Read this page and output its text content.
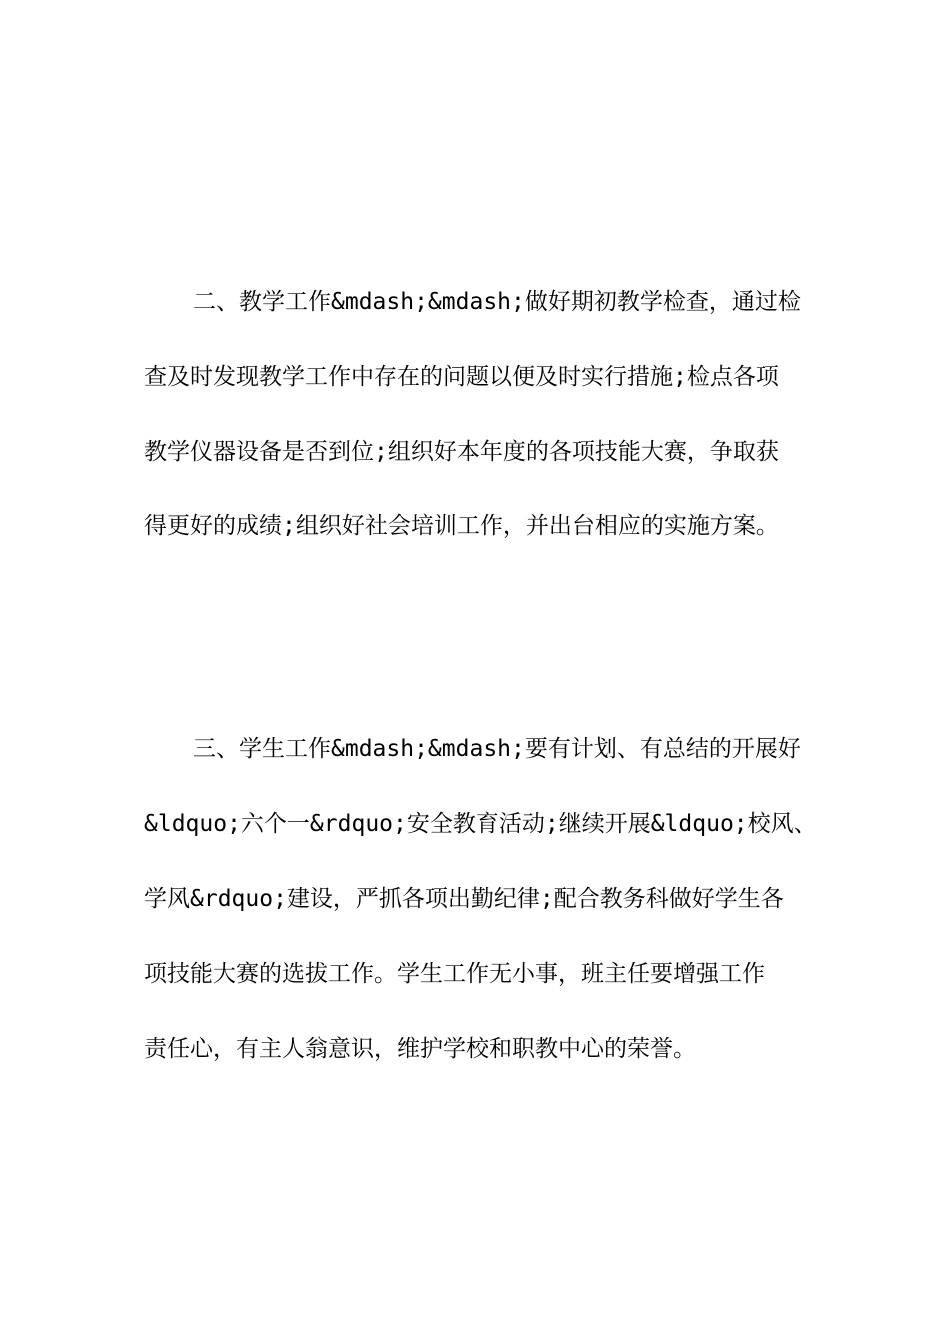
二、教学工作&mdash;&mdash;做好期初教学检查，通过检
查及时发现教学工作中存在的问题以便及时实行措施;检点各项
教学仪器设备是否到位;组织好本年度的各项技能大赛，争取获
得更好的成绩;组织好社会培训工作，并出台相应的实施方案。
三、学生工作&mdash;&mdash;要有计划、有总结的开展好
&ldquo;六个一&rdquo;安全教育活动;继续开展&ldquo;校风、
学风&rdquo;建设，严抓各项出勤纪律;配合教务科做好学生各
项技能大赛的选拔工作。学生工作无小事，班主任要增强工作
责任心，有主人翁意识，维护学校和职教中心的荣誉。
